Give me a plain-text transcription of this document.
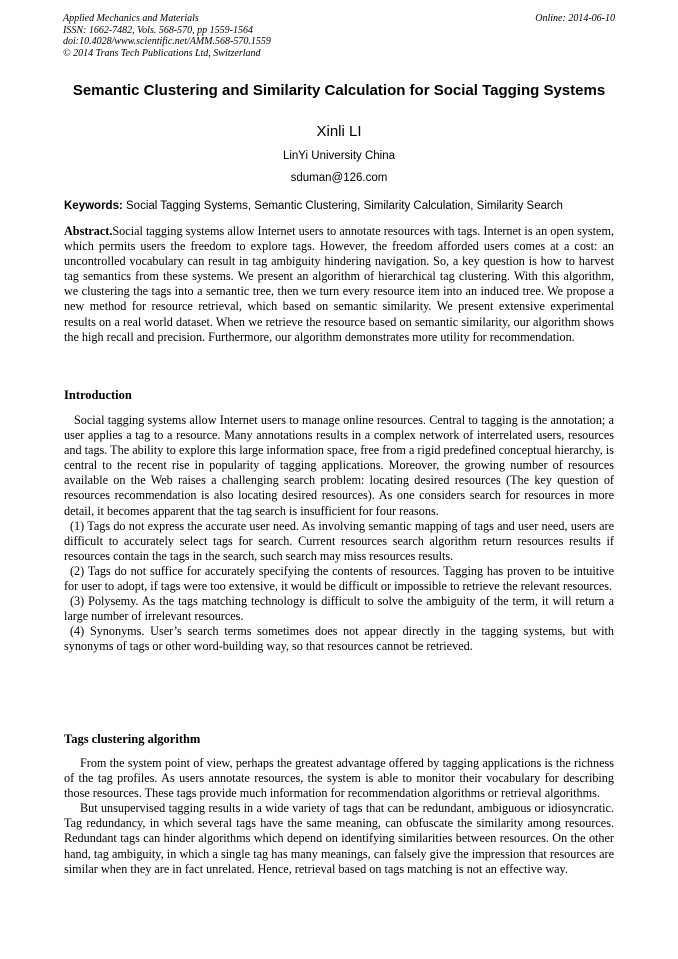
Applied Mechanics and Materials
ISSN: 1662-7482, Vols. 568-570, pp 1559-1564
doi:10.4028/www.scientific.net/AMM.568-570.1559
© 2014 Trans Tech Publications Ltd, Switzerland
Online: 2014-06-10
Semantic Clustering and Similarity Calculation for Social Tagging Systems
Xinli LI
LinYi University China
sduman@126.com
Keywords: Social Tagging Systems, Semantic Clustering, Similarity Calculation, Similarity Search
Abstract.Social tagging systems allow Internet users to annotate resources with tags. Internet is an open system, which permits users the freedom to explore tags. However, the freedom afforded users comes at a cost: an uncontrolled vocabulary can result in tag ambiguity hindering navigation. So, a key question is how to harvest tag semantics from these systems. We present an algorithm of hierarchical tag clustering. With this algorithm, we clustering the tags into a semantic tree, then we turn every resource item into an induced tree. We propose a new method for resource retrieval, which based on semantic similarity. We present extensive experimental results on a real world dataset. When we retrieve the resource based on semantic similarity, our algorithm shows the high recall and precision. Furthermore, our algorithm demonstrates more utility for recommendation.
Introduction

Social tagging systems allow Internet users to manage online resources. Central to tagging is the annotation; a user applies a tag to a resource. Many annotations results in a complex network of interrelated users, resources and tags. The ability to explore this large information space, free from a rigid predefined conceptual hierarchy, is central to the recent rise in popularity of tagging applications. Moreover, the growing number of resources available on the Web raises a challenging search problem: locating desired resources (The key question of resources recommendation is also locating desired resources). As one considers search for resources in more detail, it becomes apparent that the tag search is insufficient for four reasons.

(1) Tags do not express the accurate user need. As involving semantic mapping of tags and user need, users are difficult to accurately select tags for search. Current resources search algorithm return resources results if resources contain the tags in the search, such search may miss resources results.

(2) Tags do not suffice for accurately specifying the contents of resources. Tagging has proven to be intuitive for user to adopt, if tags were too extensive, it would be difficult or impossible to retrieve the relevant resources.

(3) Polysemy. As the tags matching technology is difficult to solve the ambiguity of the term, it will return a large number of irrelevant resources.

(4) Synonyms. User’s search terms sometimes does not appear directly in the tagging systems, but with synonyms of tags or other word-building way, so that resources cannot be retrieved.

Tags clustering algorithm

From the system point of view, perhaps the greatest advantage offered by tagging applications is the richness of the tag profiles. As users annotate resources, the system is able to monitor their vocabulary for describing those resources. These tags provide much information for recommendation algorithms or retrieval algorithms.

But unsupervised tagging results in a wide variety of tags that can be redundant, ambiguous or idiosyncratic. Tag redundancy, in which several tags have the same meaning, can obfuscate the similarity among resources. Redundant tags can hinder algorithms which depend on identifying similarities between resources. On the other hand, tag ambiguity, in which a single tag has many meanings, can falsely give the impression that resources are similar when they are in fact unrelated. Hence, retrieval based on tags matching is not an effective way.
